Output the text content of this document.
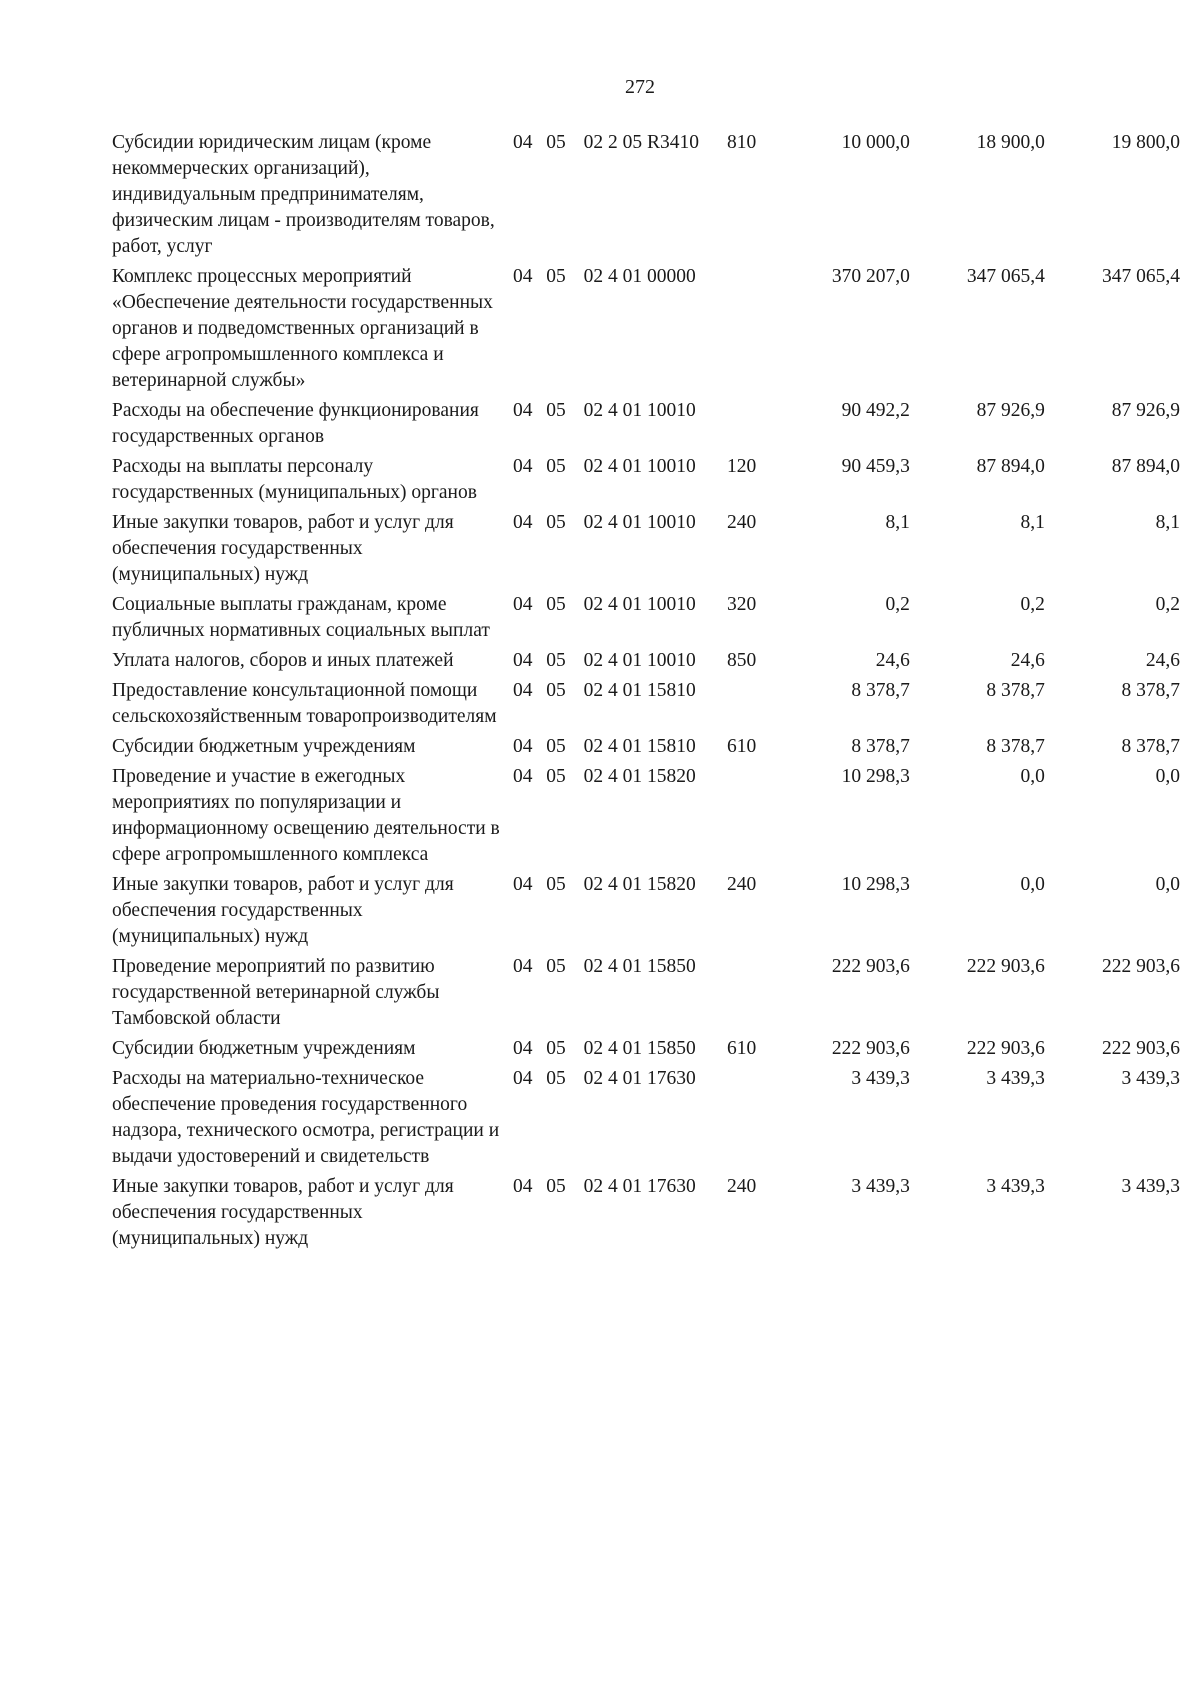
272
Субсидии юридическим лицам (кроме некоммерческих организаций), индивидуальным предпринимателям, физическим лицам - производителям товаров, работ, услуг	04	05	02 2 05 R3410	810	10 000,0	18 900,0	19 800,0

Комплекс процессных мероприятий «Обеспечение деятельности государственных органов и подведомственных организаций в сфере агропромышленного комплекса и ветеринарной службы»	04	05	02 4 01 00000		370 207,0	347 065,4	347 065,4

Расходы на обеспечение функционирования государственных органов	04	05	02 4 01 10010		90 492,2	87 926,9	87 926,9

Расходы на выплаты персоналу государственных (муниципальных) органов	04	05	02 4 01 10010	120	90 459,3	87 894,0	87 894,0

Иные закупки товаров, работ и услуг для обеспечения государственных (муниципальных) нужд	04	05	02 4 01 10010	240	8,1	8,1	8,1

Социальные выплаты гражданам, кроме публичных нормативных социальных выплат	04	05	02 4 01 10010	320	0,2	0,2	0,2

Уплата налогов, сборов и иных платежей	04	05	02 4 01 10010	850	24,6	24,6	24,6

Предоставление консультационной помощи сельскохозяйственным товаропроизводителям	04	05	02 4 01 15810		8 378,7	8 378,7	8 378,7

Субсидии бюджетным учреждениям	04	05	02 4 01 15810	610	8 378,7	8 378,7	8 378,7

Проведение и участие в ежегодных мероприятиях по популяризации и информационному освещению деятельности в сфере агропромышленного комплекса	04	05	02 4 01 15820		10 298,3	0,0	0,0

Иные закупки товаров, работ и услуг для обеспечения государственных (муниципальных) нужд	04	05	02 4 01 15820	240	10 298,3	0,0	0,0

Проведение мероприятий по развитию государственной ветеринарной службы Тамбовской области	04	05	02 4 01 15850		222 903,6	222 903,6	222 903,6

Субсидии бюджетным учреждениям	04	05	02 4 01 15850	610	222 903,6	222 903,6	222 903,6

Расходы на материально-техническое обеспечение проведения государственного надзора, технического осмотра, регистрации и выдачи удостоверений и свидетельств	04	05	02 4 01 17630		3 439,3	3 439,3	3 439,3

Иные закупки товаров, работ и услуг для обеспечения государственных (муниципальных) нужд	04	05	02 4 01 17630	240	3 439,3	3 439,3	3 439,3
